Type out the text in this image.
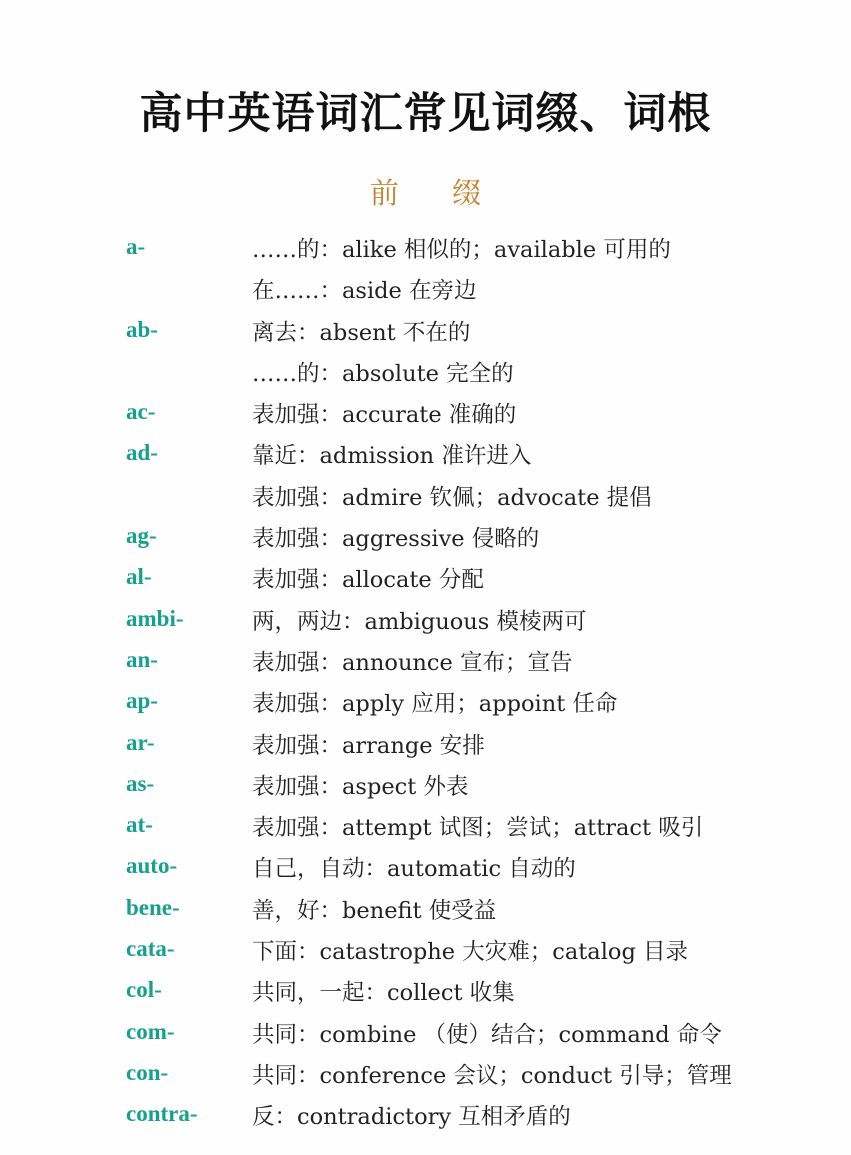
高中英语词汇常见词缀、词根
前 缀
a-	……的：alike 相似的；available 可用的
在……：aside 在旁边
ab-	离去：absent 不在的
……的：absolute 完全的
ac-	表加强：accurate 准确的
ad-	靠近：admission 准许进入
表加强：admire 钦佩；advocate 提倡
ag-	表加强：aggressive 侵略的
al-	表加强：allocate 分配
ambi-	两，两边：ambiguous 模棱两可
an-	表加强：announce 宣布；宣告
ap-	表加强：apply 应用；appoint 任命
ar-	表加强：arrange 安排
as-	表加强：aspect 外表
at-	表加强：attempt 试图；尝试；attract 吸引
auto-	自己，自动：automatic 自动的
bene-	善，好：benefit 使受益
cata-	下面：catastrophe 大灾难；catalog 目录
col-	共同，一起：collect 收集
com-	共同：combine （使）结合；command 命令
con-	共同：conference 会议；conduct 引导；管理
contra- 反：contradictory 互相矛盾的
